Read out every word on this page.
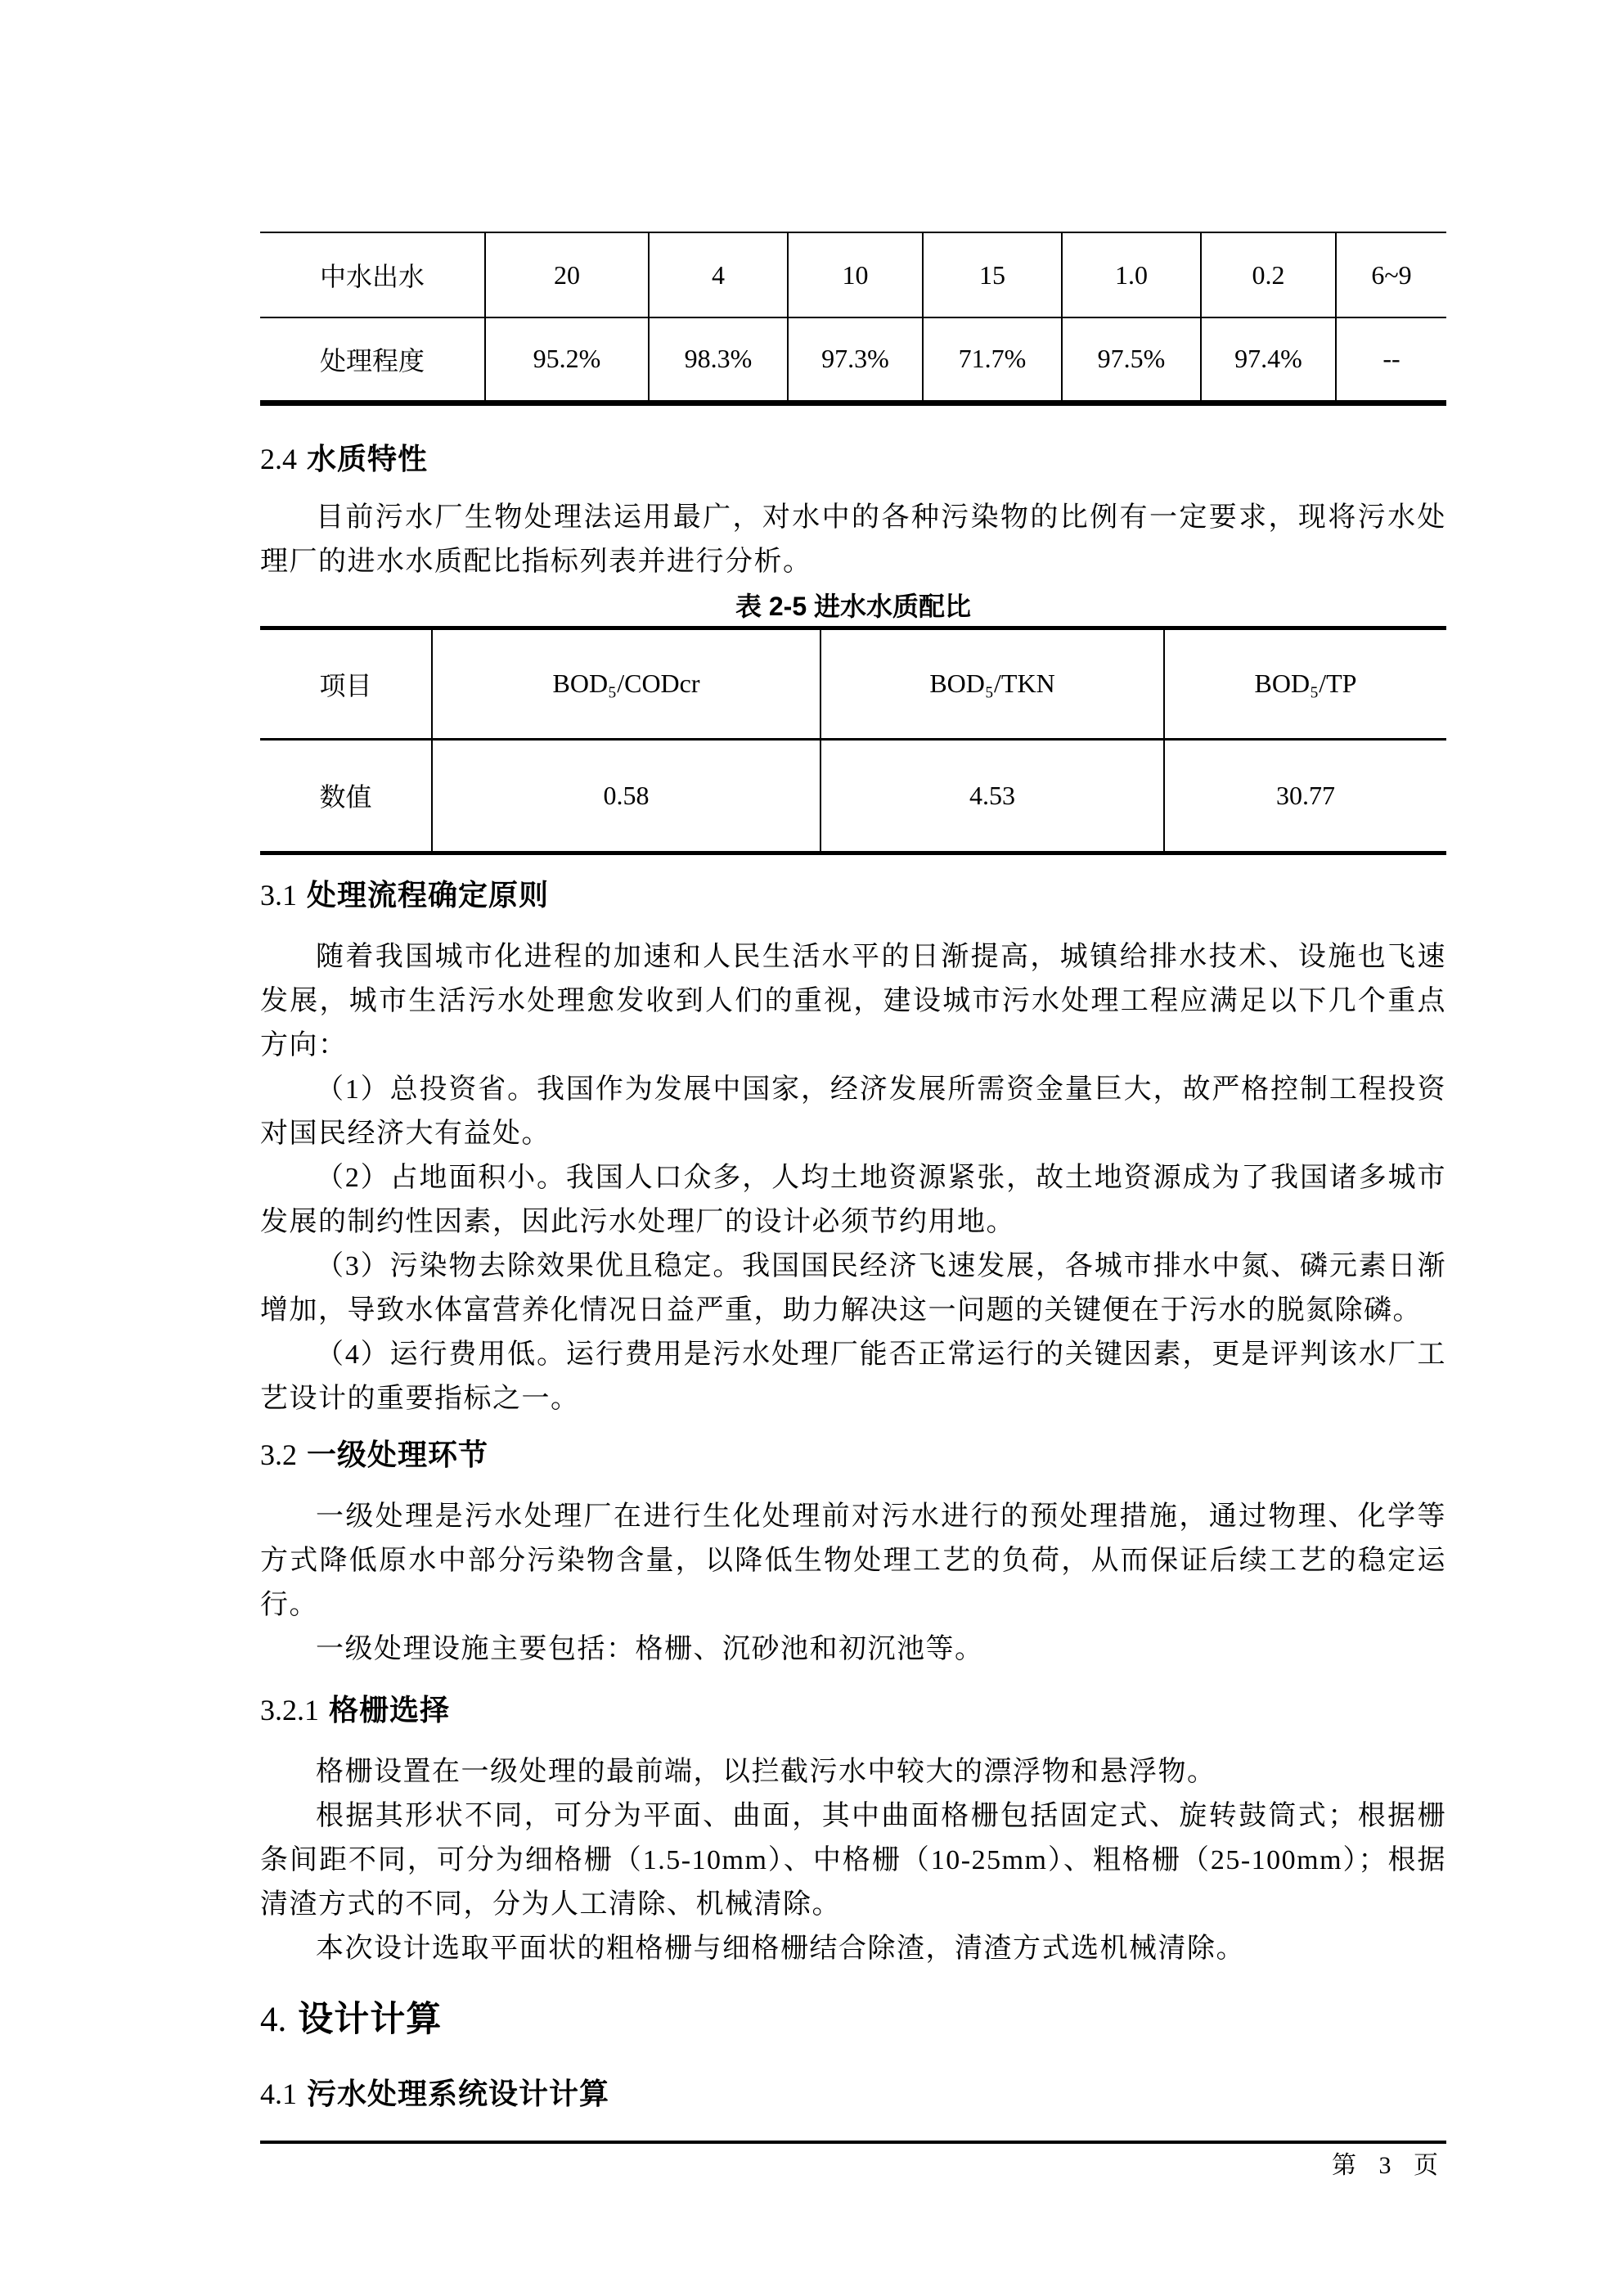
中水出水	20	4	10	15	1.0	0.2	6~9
处理程度	95.2%	98.3%	97.3%	71.7%	97.5%	97.4%	--
2.4 水质特性

目前污水厂生物处理法运用最广，对水中的各种污染物的比例有一定要求，现将污水处理厂的进水水质配比指标列表并进行分析。

表 2-5 进水水质配比
项目	BOD₅/CODcr	BOD₅/TKN	BOD₅/TP
数值	0.58	4.53	30.77
3.1 处理流程确定原则

随着我国城市化进程的加速和人民生活水平的日渐提高，城镇给排水技术、设施也飞速发展，城市生活污水处理愈发收到人们的重视，建设城市污水处理工程应满足以下几个重点方向：

（1）总投资省。我国作为发展中国家，经济发展所需资金量巨大，故严格控制工程投资对国民经济大有益处。

（2）占地面积小。我国人口众多，人均土地资源紧张，故土地资源成为了我国诸多城市发展的制约性因素，因此污水处理厂的设计必须节约用地。

（3）污染物去除效果优且稳定。我国国民经济飞速发展，各城市排水中氮、磷元素日渐增加，导致水体富营养化情况日益严重，助力解决这一问题的关键便在于污水的脱氮除磷。

（4）运行费用低。运行费用是污水处理厂能否正常运行的关键因素，更是评判该水厂工艺设计的重要指标之一。

3.2 一级处理环节

一级处理是污水处理厂在进行生化处理前对污水进行的预处理措施，通过物理、化学等方式降低原水中部分污染物含量，以降低生物处理工艺的负荷，从而保证后续工艺的稳定运行。

一级处理设施主要包括：格栅、沉砂池和初沉池等。

3.2.1 格栅选择

格栅设置在一级处理的最前端，以拦截污水中较大的漂浮物和悬浮物。

根据其形状不同，可分为平面、曲面，其中曲面格栅包括固定式、旋转鼓筒式；根据栅条间距不同，可分为细格栅（1.5-10mm）、中格栅（10-25mm）、粗格栅（25-100mm）；根据清渣方式的不同，分为人工清除、机械清除。

本次设计选取平面状的粗格栅与细格栅结合除渣，清渣方式选机械清除。

4. 设计计算
4.1 污水处理系统设计计算
第 3 页
